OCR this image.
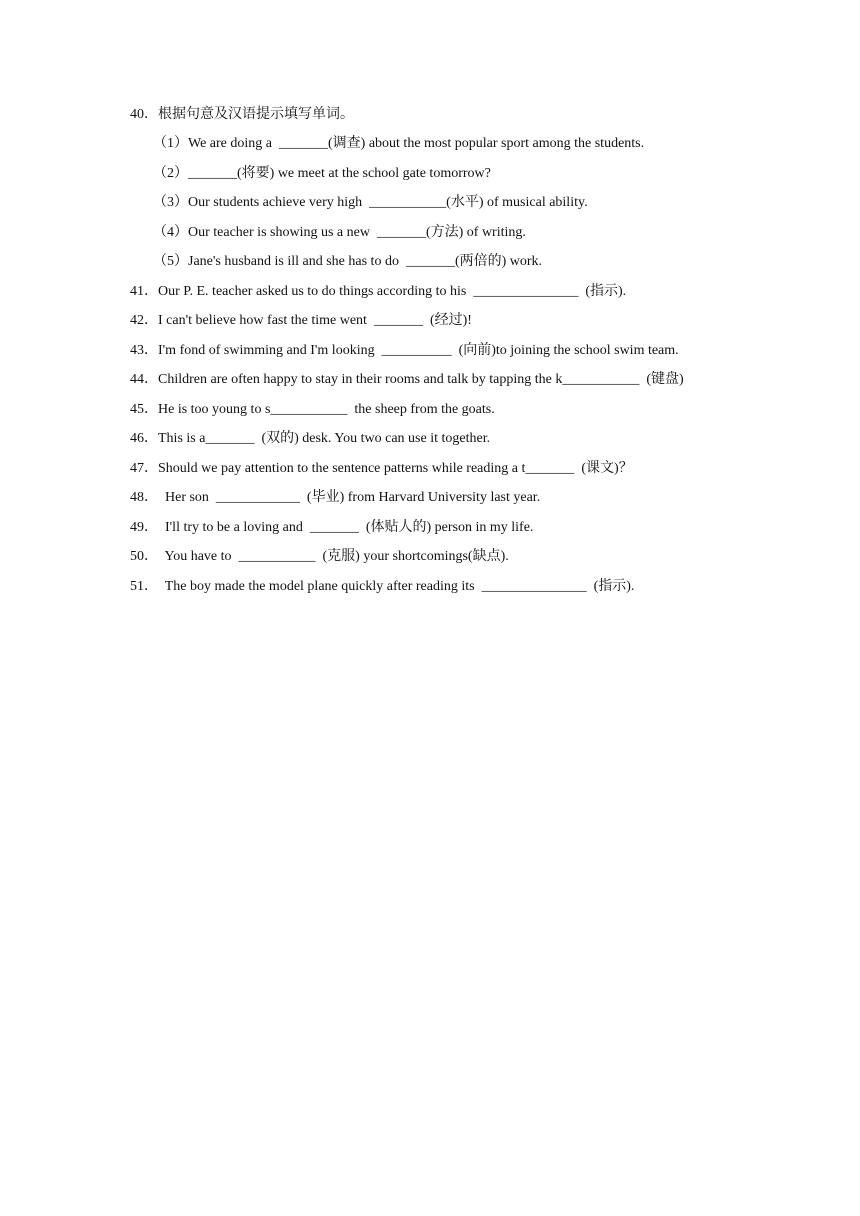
40．根据句意及汉语提示填写单词。
（1）We are doing a  _______(调查) about the most popular sport among the students.
（2）_______(将要) we meet at the school gate tomorrow?
（3）Our students achieve very high  ___________(水平) of musical ability.
（4）Our teacher is showing us a new  _______(方法) of writing.
（5）Jane's husband is ill and she has to do  _______(两倍的) work.
41．Our P. E. teacher asked us to do things according to his  _______________  (指示).
42．I can't believe how fast the time went  _______  (经过)!
43．I'm fond of swimming and I'm looking  __________  (向前)to joining the school swim team.
44．Children are often happy to stay in their rooms and talk by tapping the k___________  (键盘)
45．He is too young to s___________  the sheep from the goats.
46．This is a_______  (双的) desk. You two can use it together.
47．Should we pay attention to the sentence patterns while reading a t_______  (课文)？
48．  Her son  ____________  (毕业) from Harvard University last year.
49．  I'll try to be a loving and  _______  (体贴人的) person in my life.
50．  You have to  ___________  (克服) your shortcomings(缺点).
51．  The boy made the model plane quickly after reading its  _______________  (指示).
